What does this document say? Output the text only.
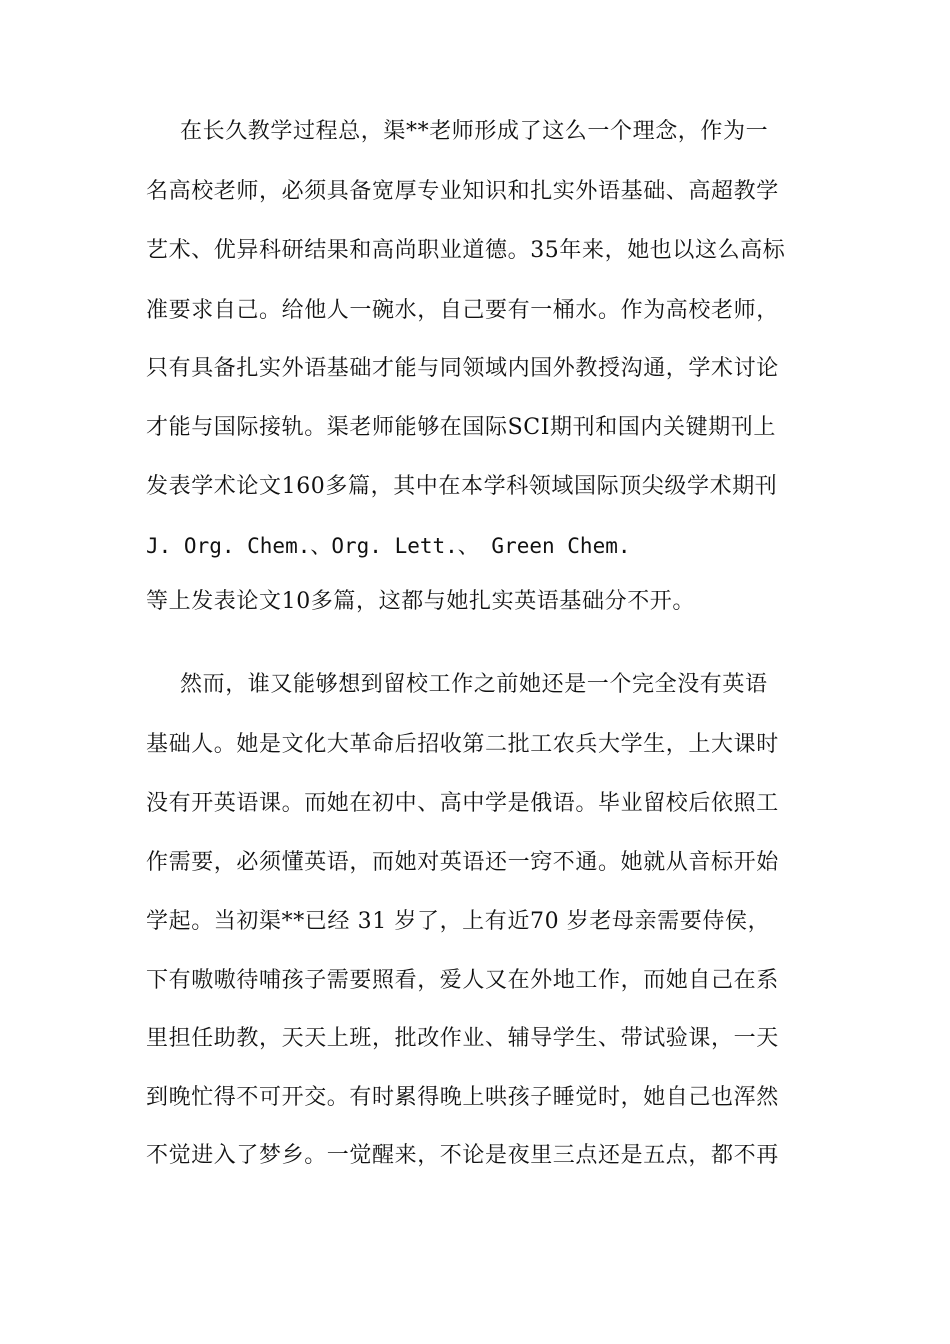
在长久教学过程总，渠**老师形成了这么一个理念，作为一
名高校老师，必须具备宽厚专业知识和扎实外语基础、高超教学
艺术、优异科研结果和高尚职业道德。35年来，她也以这么高标
准要求自己。给他人一碗水，自己要有一桶水。作为高校老师，
只有具备扎实外语基础才能与同领域内国外教授沟通，学术讨论
才能与国际接轨。渠老师能够在国际SCI期刊和国内关键期刊上
发表学术论文160多篇，其中在本学科领域国际顶尖级学术期刊
J. Org. Chem.、Org. Lett.、 Green Chem.
等上发表论文10多篇，这都与她扎实英语基础分不开。
然而，谁又能够想到留校工作之前她还是一个完全没有英语
基础人。她是文化大革命后招收第二批工农兵大学生，上大课时
没有开英语课。而她在初中、高中学是俄语。毕业留校后依照工
作需要，必须懂英语，而她对英语还一窍不通。她就从音标开始
学起。当初渠**已经 31 岁了，上有近70 岁老母亲需要侍侯，
下有嗷嗷待哺孩子需要照看，爱人又在外地工作，而她自己在系
里担任助教，天天上班，批改作业、辅导学生、带试验课，一天
到晚忙得不可开交。有时累得晚上哄孩子睡觉时，她自己也浑然
不觉进入了梦乡。一觉醒来，不论是夜里三点还是五点，都不再
